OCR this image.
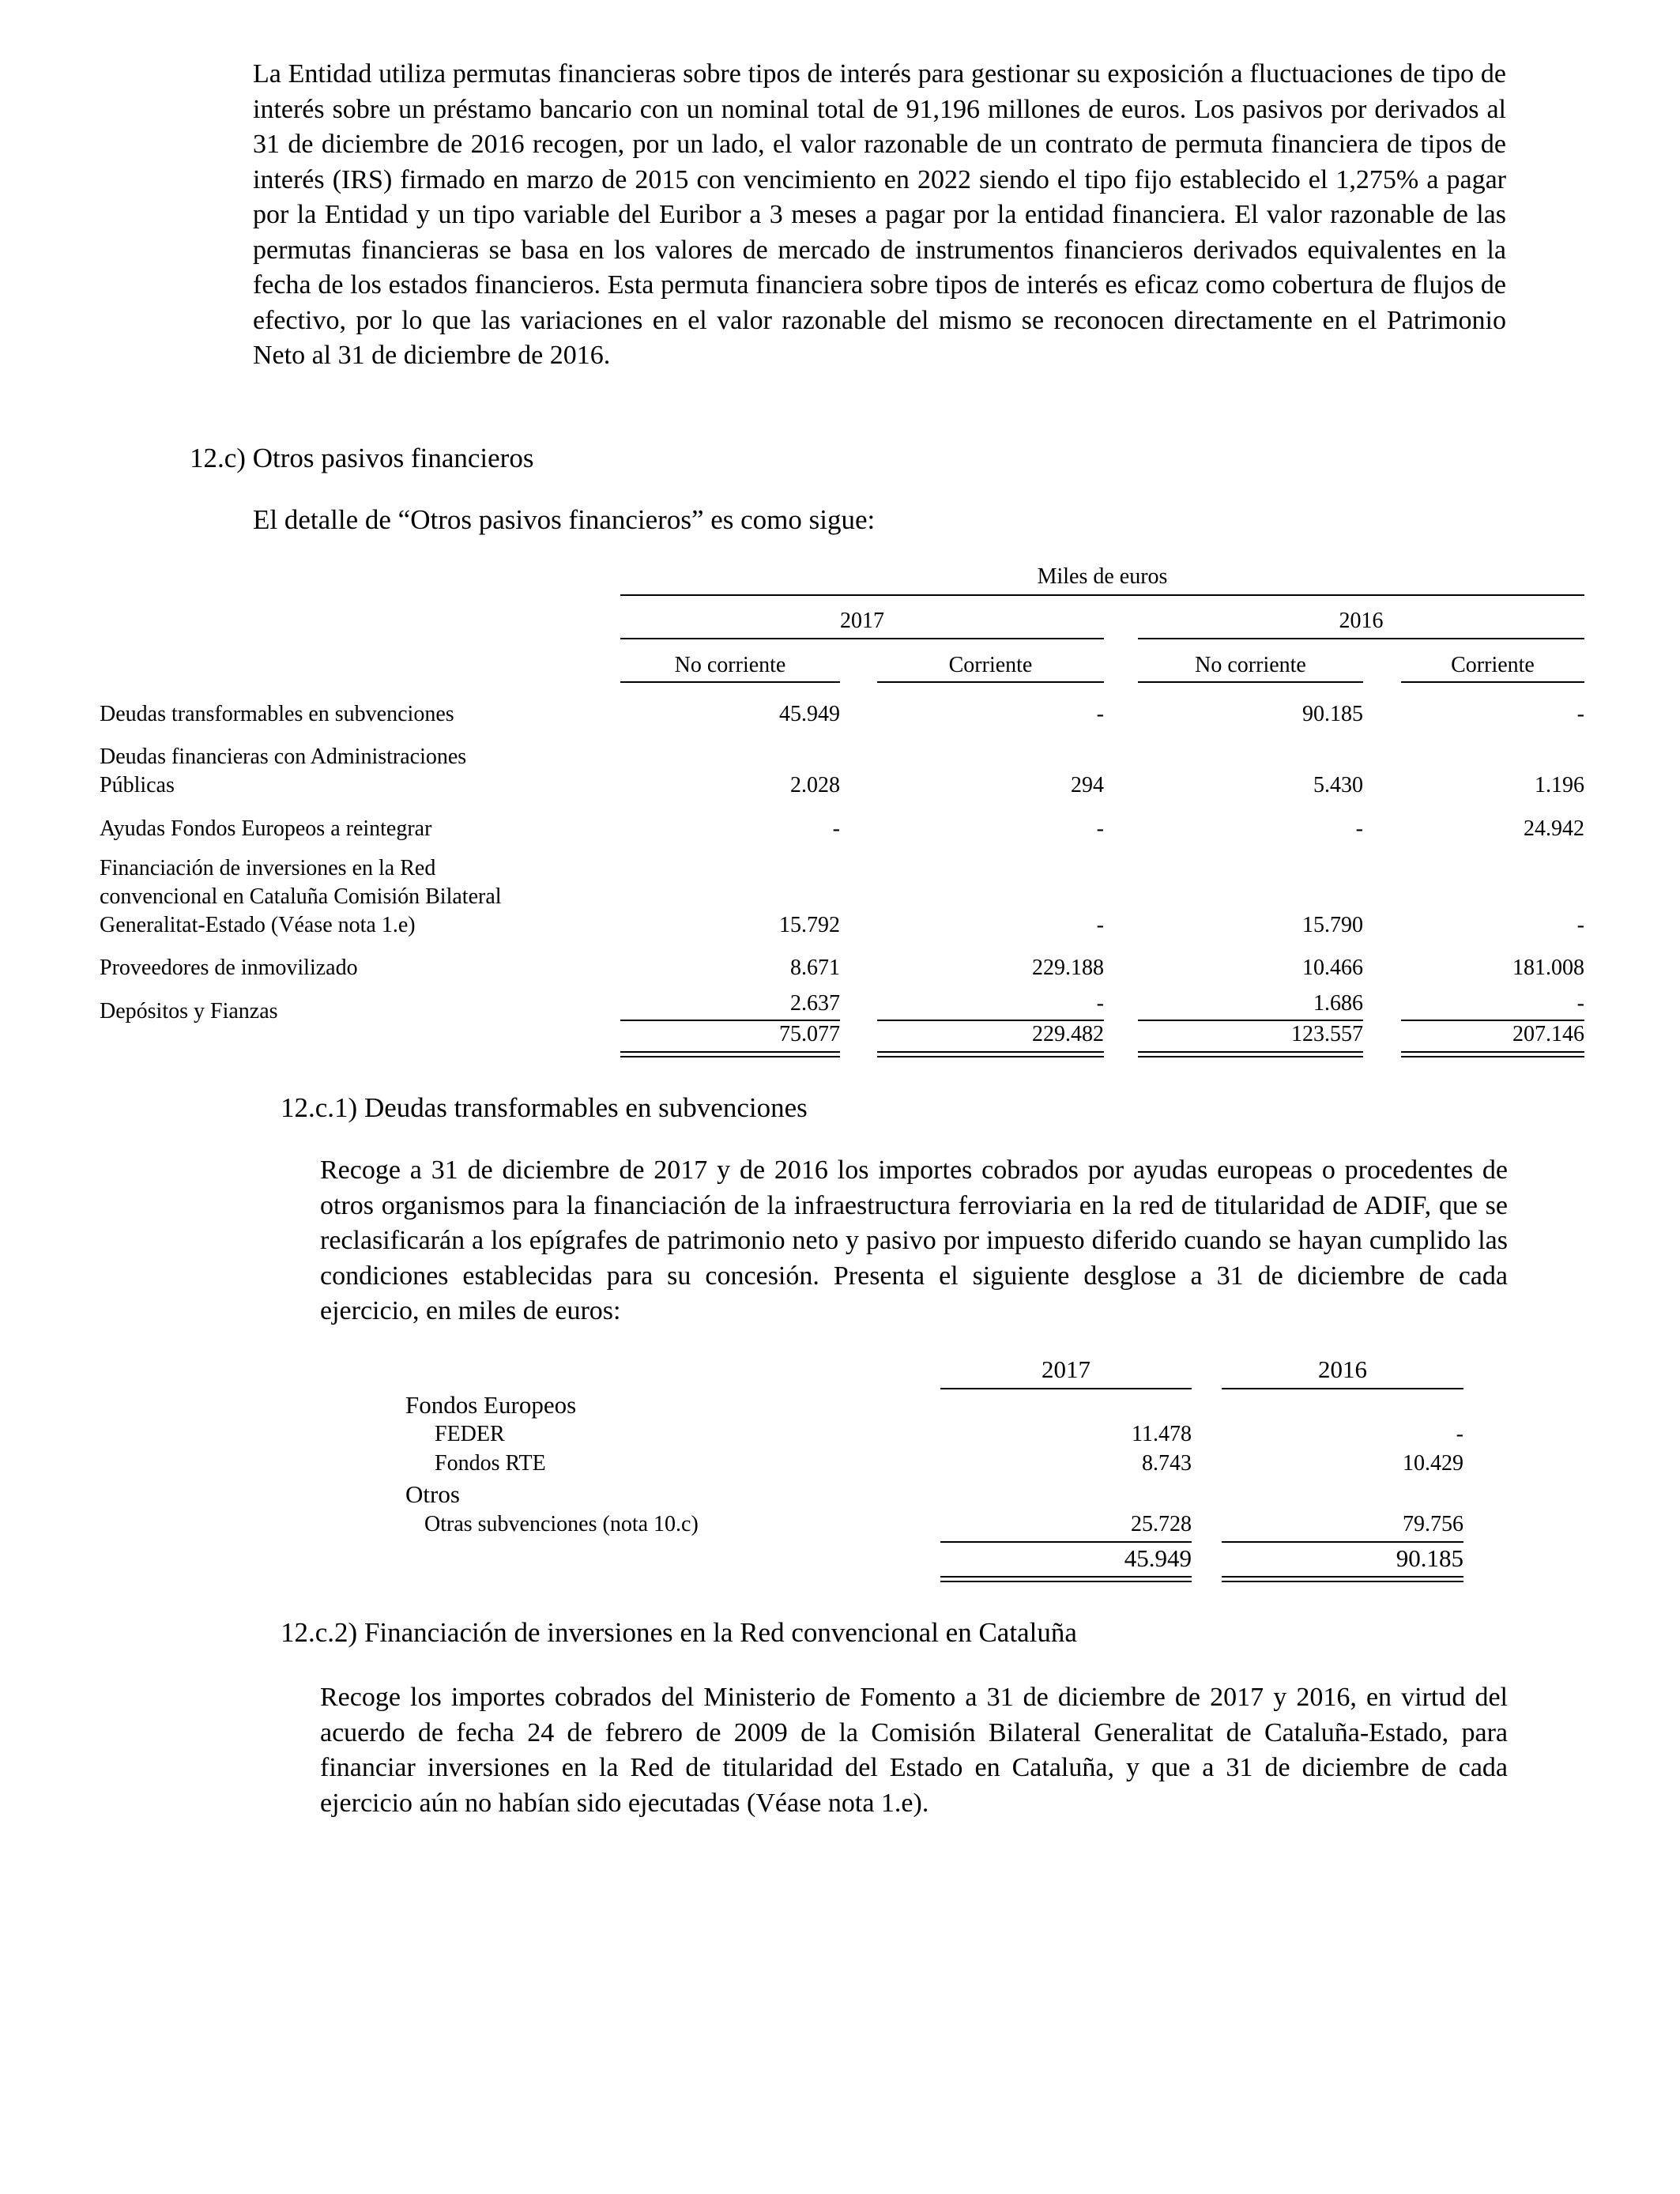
La Entidad utiliza permutas financieras sobre tipos de interés para gestionar su exposición a fluctuaciones de tipo de interés sobre un préstamo bancario con un nominal total de 91,196 millones de euros. Los pasivos por derivados al 31 de diciembre de 2016 recogen, por un lado, el valor razonable de un contrato de permuta financiera de tipos de interés (IRS) firmado en marzo de 2015 con vencimiento en 2022 siendo el tipo fijo establecido el 1,275% a pagar por la Entidad y un tipo variable del Euribor a 3 meses a pagar por la entidad financiera. El valor razonable de las permutas financieras se basa en los valores de mercado de instrumentos financieros derivados equivalentes en la fecha de los estados financieros. Esta permuta financiera sobre tipos de interés es eficaz como cobertura de flujos de efectivo, por lo que las variaciones en el valor razonable del mismo se reconocen directamente en el Patrimonio Neto al 31 de diciembre de 2016.

12.c) Otros pasivos financieros

El detalle de “Otros pasivos financieros” es como sigue:

Miles de euros
2017	2016
No corriente	Corriente	No corriente	Corriente
Deudas transformables en subvenciones	45.949	-	90.185	-
Deudas financieras con Administraciones
Públicas	2.028	294	5.430	1.196
Ayudas Fondos Europeos a reintegrar	-	-	-	24.942
Financiación de inversiones en la Red
convencional en Cataluña Comisión Bilateral
Generalitat-Estado (Véase nota 1.e)	15.792	-	15.790	-
Proveedores de inmovilizado	8.671	229.188	10.466	181.008
Depósitos y Fianzas	2.637	-	1.686	-
75.077	229.482	123.557	207.146

12.c.1) Deudas transformables en subvenciones

Recoge a 31 de diciembre de 2017 y de 2016 los importes cobrados por ayudas europeas o procedentes de otros organismos para la financiación de la infraestructura ferroviaria en la red de titularidad de ADIF, que se reclasificarán a los epígrafes de patrimonio neto y pasivo por impuesto diferido cuando se hayan cumplido las condiciones establecidas para su concesión. Presenta el siguiente desglose a 31 de diciembre de cada ejercicio, en miles de euros:

2017	2016
Fondos Europeos
FEDER	11.478	-
Fondos RTE	8.743	10.429
Otros
Otras subvenciones (nota 10.c)	25.728	79.756
45.949	90.185

12.c.2) Financiación de inversiones en la Red convencional en Cataluña

Recoge los importes cobrados del Ministerio de Fomento a 31 de diciembre de 2017 y 2016, en virtud del acuerdo de fecha 24 de febrero de 2009 de la Comisión Bilateral Generalitat de Cataluña-Estado, para financiar inversiones en la Red de titularidad del Estado en Cataluña, y que a 31 de diciembre de cada ejercicio aún no habían sido ejecutadas (Véase nota 1.e).
